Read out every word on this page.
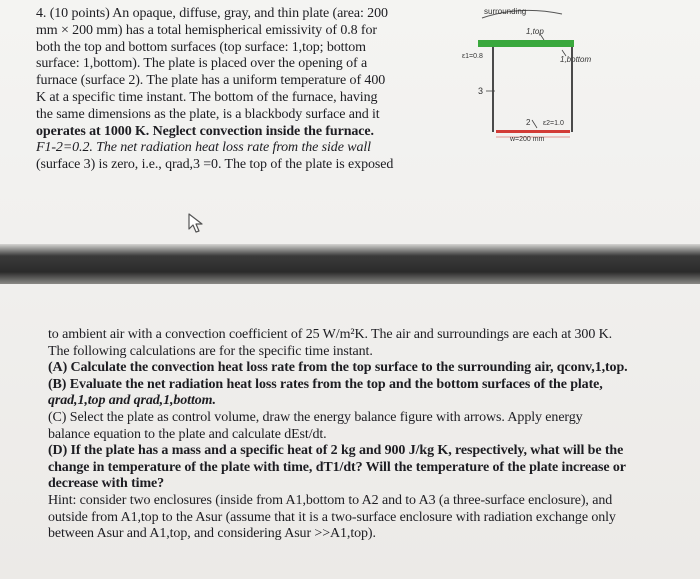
4. (10 points) An opaque, diffuse, gray, and thin plate (area: 200

mm × 200 mm) has a total hemispherical emissivity of 0.8 for

both the top and bottom surfaces (top surface: 1,top; bottom

surface: 1,bottom). The plate is placed over the opening of a

furnace (surface 2). The plate has a uniform temperature of 400

K at a specific time instant. The bottom of the furnace, having

the same dimensions as the plate, is a blackbody surface and it

operates at 1000 K. Neglect convection inside the furnace.

F1-2=0.2. The net radiation heat loss rate from the side wall

(surface 3) is zero, i.e., qrad,3 =0. The top of the plate is exposed

surrounding
1,top
1,bottom
ε1=0.8
3
2 ε2=1.0
w=200 mm

to ambient air with a convection coefficient of 25 W/m²K. The air and surroundings are each at 300 K.

The following calculations are for the specific time instant.

(A) Calculate the convection heat loss rate from the top surface to the surrounding air, qconv,1,top.

(B) Evaluate the net radiation heat loss rates from the top and the bottom surfaces of the plate,

qrad,1,top and qrad,1,bottom.

(C) Select the plate as control volume, draw the energy balance figure with arrows. Apply energy

balance equation to the plate and calculate dEst/dt.

(D) If the plate has a mass and a specific heat of 2 kg and 900 J/kg K, respectively, what will be the

change in temperature of the plate with time, dT1/dt? Will the temperature of the plate increase or

decrease with time?

Hint: consider two enclosures (inside from A1,bottom to A2 and to A3 (a three-surface enclosure), and

outside from A1,top to the Asur (assume that it is a two-surface enclosure with radiation exchange only

between Asur and A1,top, and considering Asur >>A1,top).
